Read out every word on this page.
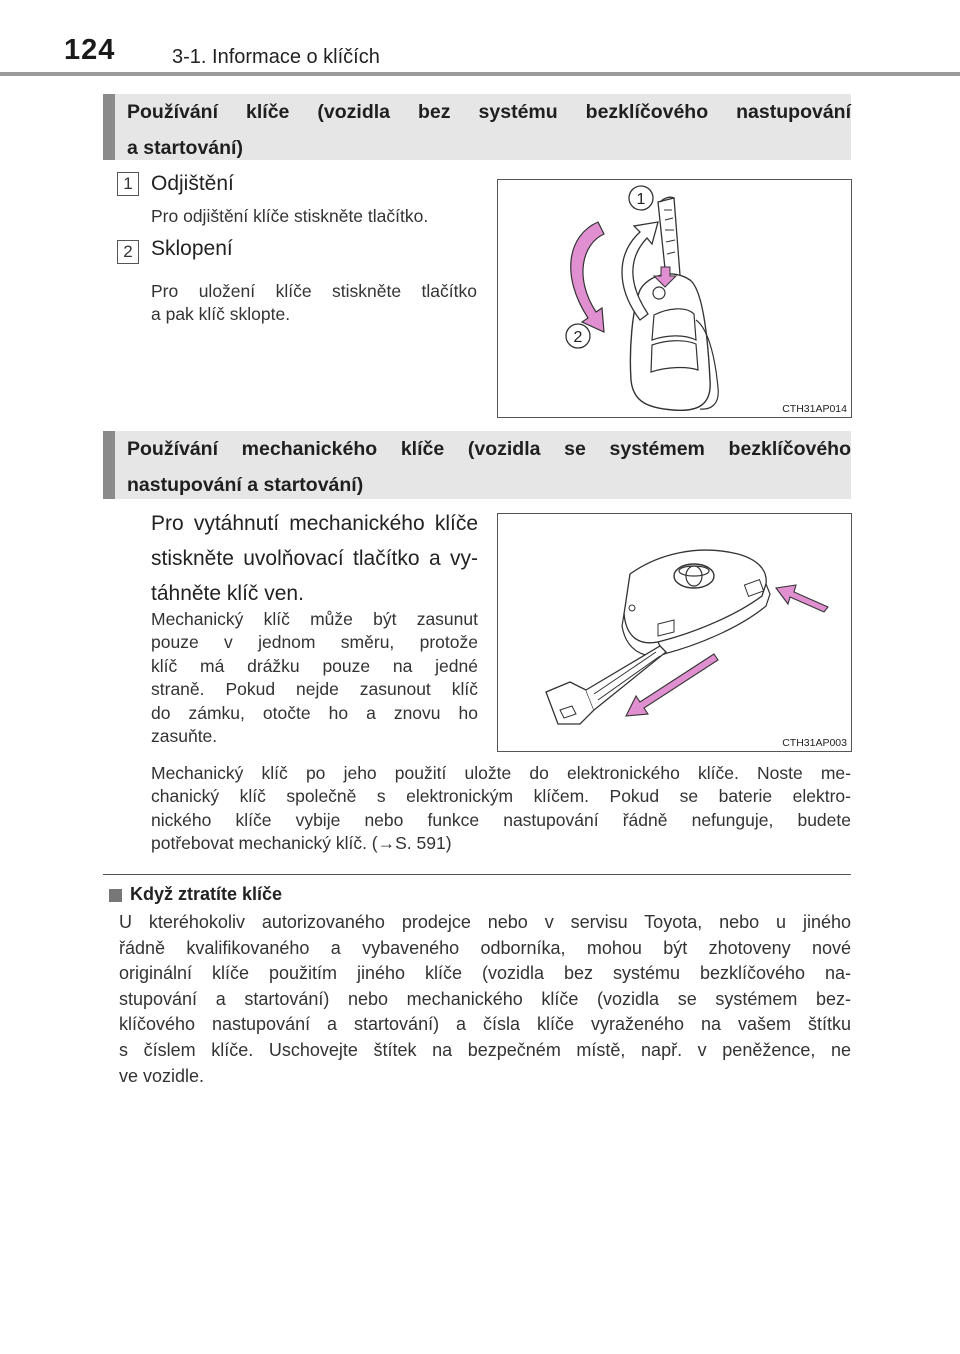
124	3-1. Informace o klíčích
Používání klíče (vozidla bez systému bezklíčového nastupování
a startování)
1 Odjištění
Pro odjištění klíče stiskněte tlačítko.
2 Sklopení
Pro uložení klíče stiskněte tlačítko
a pak klíč sklopte.
1
2
CTH31AP014
Používání mechanického klíče (vozidla se systémem bezklíčového
nastupování a startování)
Pro vytáhnutí mechanického klíče
stiskněte uvolňovací tlačítko a vy-
táhněte klíč ven.
Mechanický klíč může být zasunut
pouze v jednom směru, protože
klíč má drážku pouze na jedné
straně. Pokud nejde zasunout klíč
do zámku, otočte ho a znovu ho
zasuňte.	CTH31AP003
Mechanický klíč po jeho použití uložte do elektronického klíče. Noste me-
chanický klíč společně s elektronickým klíčem. Pokud se baterie elektro-
nického klíče vybije nebo funkce nastupování řádně nefunguje, budete
potřebovat mechanický klíč. (→S. 591)
Když ztratíte klíče
U kteréhokoliv autorizovaného prodejce nebo v servisu Toyota, nebo u jiného
řádně kvalifikovaného a vybaveného odborníka, mohou být zhotoveny nové
originální klíče použitím jiného klíče (vozidla bez systému bezklíčového na-
stupování a startování) nebo mechanického klíče (vozidla se systémem bez-
klíčového nastupování a startování) a čísla klíče vyraženého na vašem štítku
s číslem klíče. Uschovejte štítek na bezpečném místě, např. v peněžence, ne
ve vozidle.
